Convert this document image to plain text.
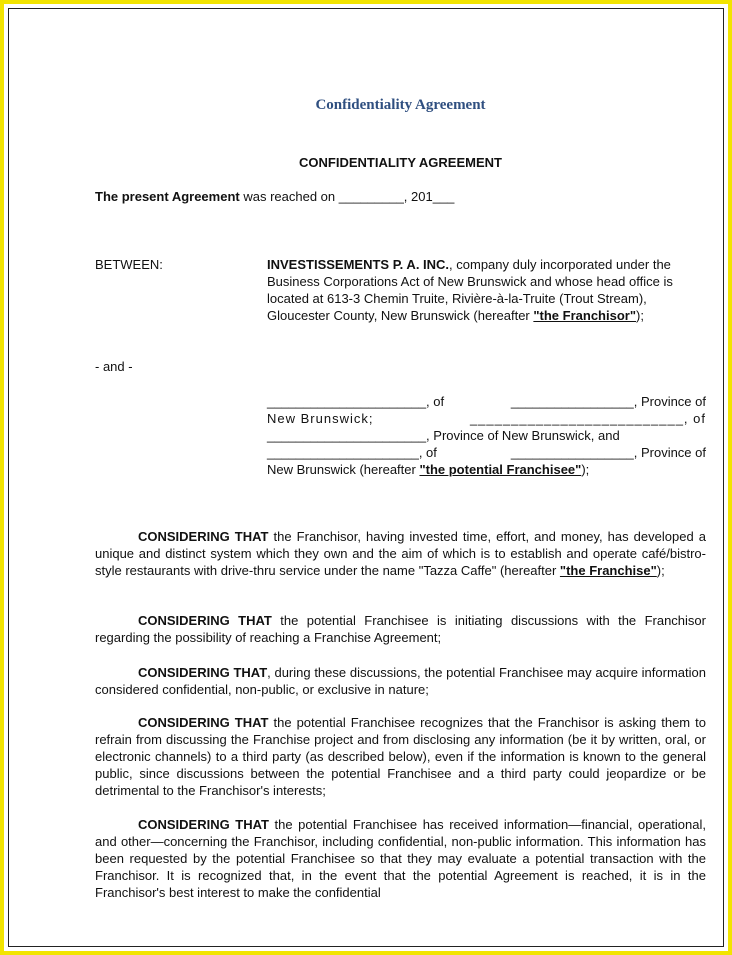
Confidentiality Agreement
CONFIDENTIALITY AGREEMENT
The present Agreement was reached on _________, 201___
BETWEEN:	INVESTISSEMENTS P. A. INC., company duly incorporated under the Business Corporations Act of New Brunswick and whose head office is located at 613-3 Chemin Truite, Rivière-à-la-Truite (Trout Stream), Gloucester County, New Brunswick (hereafter "the Franchisor");
- and -
______________________, of	_________________, Province of
New Brunswick;	__________________________, of
______________________, Province of New Brunswick, and
_____________________, of	_________________, Province of
New Brunswick (hereafter "the potential Franchisee");
CONSIDERING THAT the Franchisor, having invested time, effort, and money, has developed a unique and distinct system which they own and the aim of which is to establish and operate café/bistro-style restaurants with drive-thru service under the name "Tazza Caffe" (hereafter "the Franchise");
CONSIDERING THAT the potential Franchisee is initiating discussions with the Franchisor regarding the possibility of reaching a Franchise Agreement;
CONSIDERING THAT, during these discussions, the potential Franchisee may acquire information considered confidential, non-public, or exclusive in nature;
CONSIDERING THAT the potential Franchisee recognizes that the Franchisor is asking them to refrain from discussing the Franchise project and from disclosing any information (be it by written, oral, or electronic channels) to a third party (as described below), even if the information is known to the general public, since discussions between the potential Franchisee and a third party could jeopardize or be detrimental to the Franchisor's interests;
CONSIDERING THAT the potential Franchisee has received information—financial, operational, and other—concerning the Franchisor, including confidential, non-public information. This information has been requested by the potential Franchisee so that they may evaluate a potential transaction with the Franchisor. It is recognized that, in the event that the potential Agreement is reached, it is in the Franchisor's best interest to make the confidential
